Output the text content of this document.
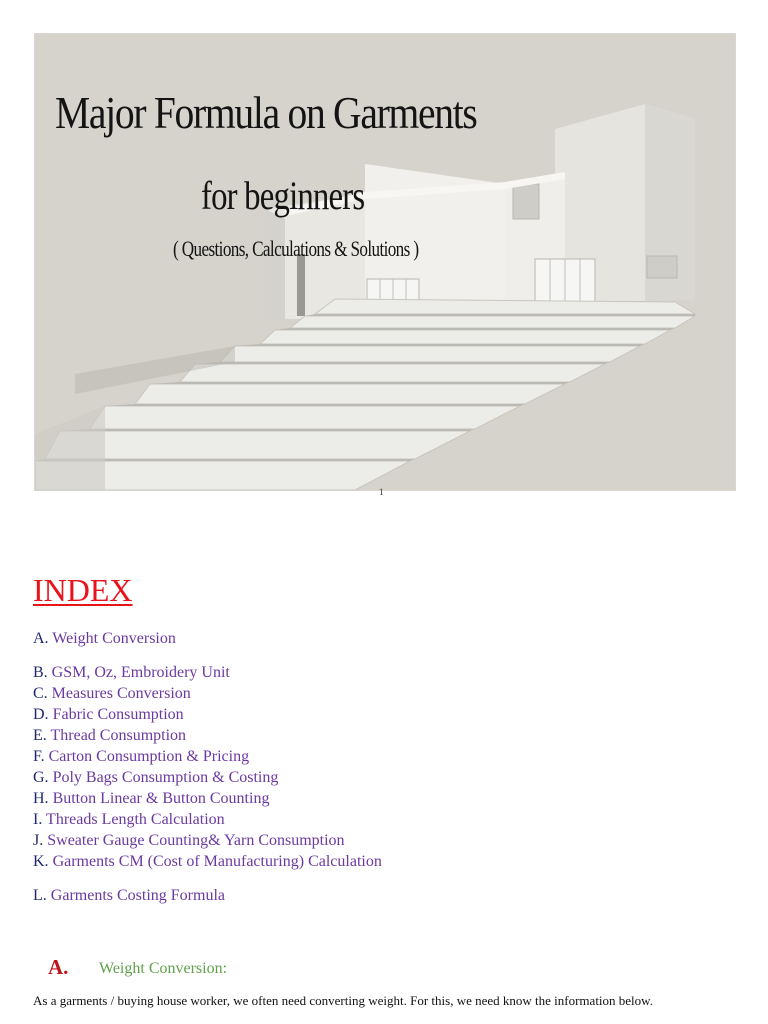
Major Formula on Garments
for beginners
( Questions, Calculations & Solutions )
1
INDEX
A. Weight Conversion
B. GSM, Oz, Embroidery Unit
C. Measures Conversion
D. Fabric Consumption
E. Thread Consumption
F. Carton Consumption & Pricing
G. Poly Bags Consumption & Costing
H. Button Linear & Button Counting
I. Threads Length Calculation
J. Sweater Gauge Counting& Yarn Consumption
K. Garments CM (Cost of Manufacturing) Calculation
L. Garments Costing Formula
A. Weight Conversion:
As a garments / buying house worker, we often need converting weight. For this, we need know the information below.
